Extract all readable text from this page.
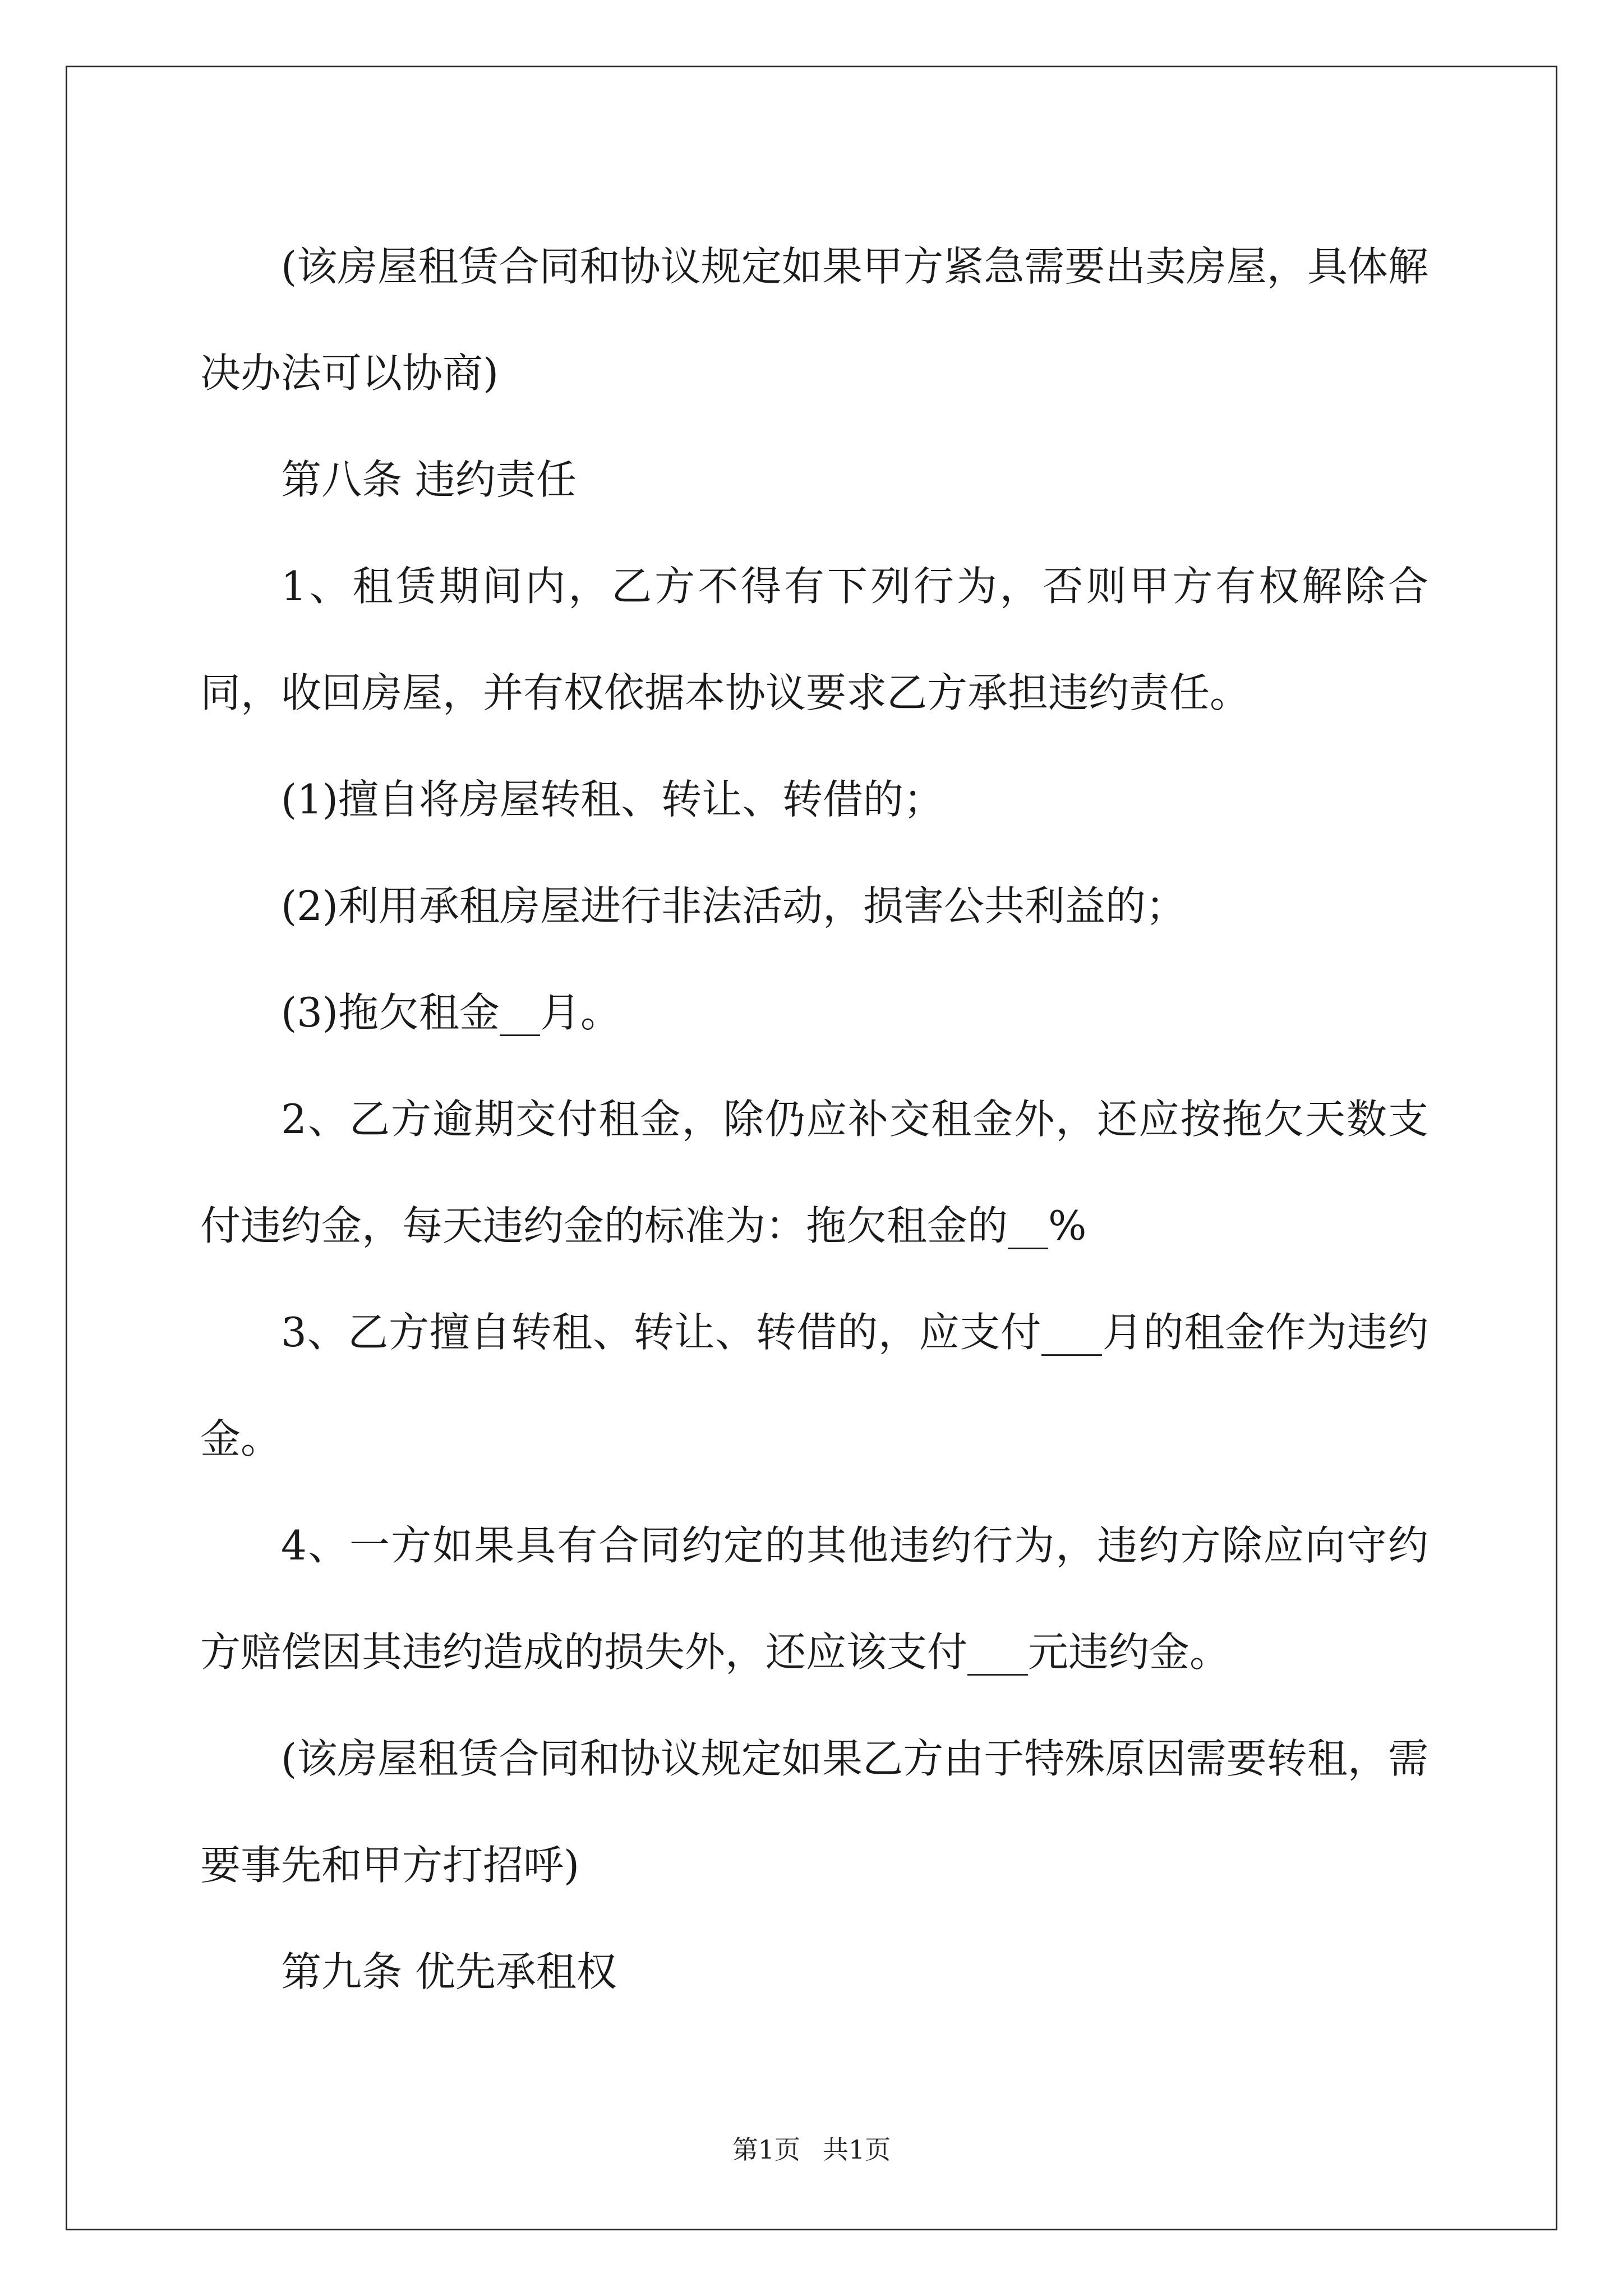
(该房屋租赁合同和协议规定如果甲方紧急需要出卖房屋，具体解决办法可以协商)

第八条 违约责任

1、租赁期间内，乙方不得有下列行为，否则甲方有权解除合同，收回房屋，并有权依据本协议要求乙方承担违约责任。

(1)擅自将房屋转租、转让、转借的；

(2)利用承租房屋进行非法活动，损害公共利益的；

(3)拖欠租金__月。

2、乙方逾期交付租金，除仍应补交租金外，还应按拖欠天数支付违约金，每天违约金的标准为：拖欠租金的__%

3、乙方擅自转租、转让、转借的，应支付___月的租金作为违约金。

4、一方如果具有合同约定的其他违约行为，违约方除应向守约方赔偿因其违约造成的损失外，还应该支付___元违约金。

(该房屋租赁合同和协议规定如果乙方由于特殊原因需要转租，需要事先和甲方打招呼)

第九条 优先承租权

第1页 共1页
